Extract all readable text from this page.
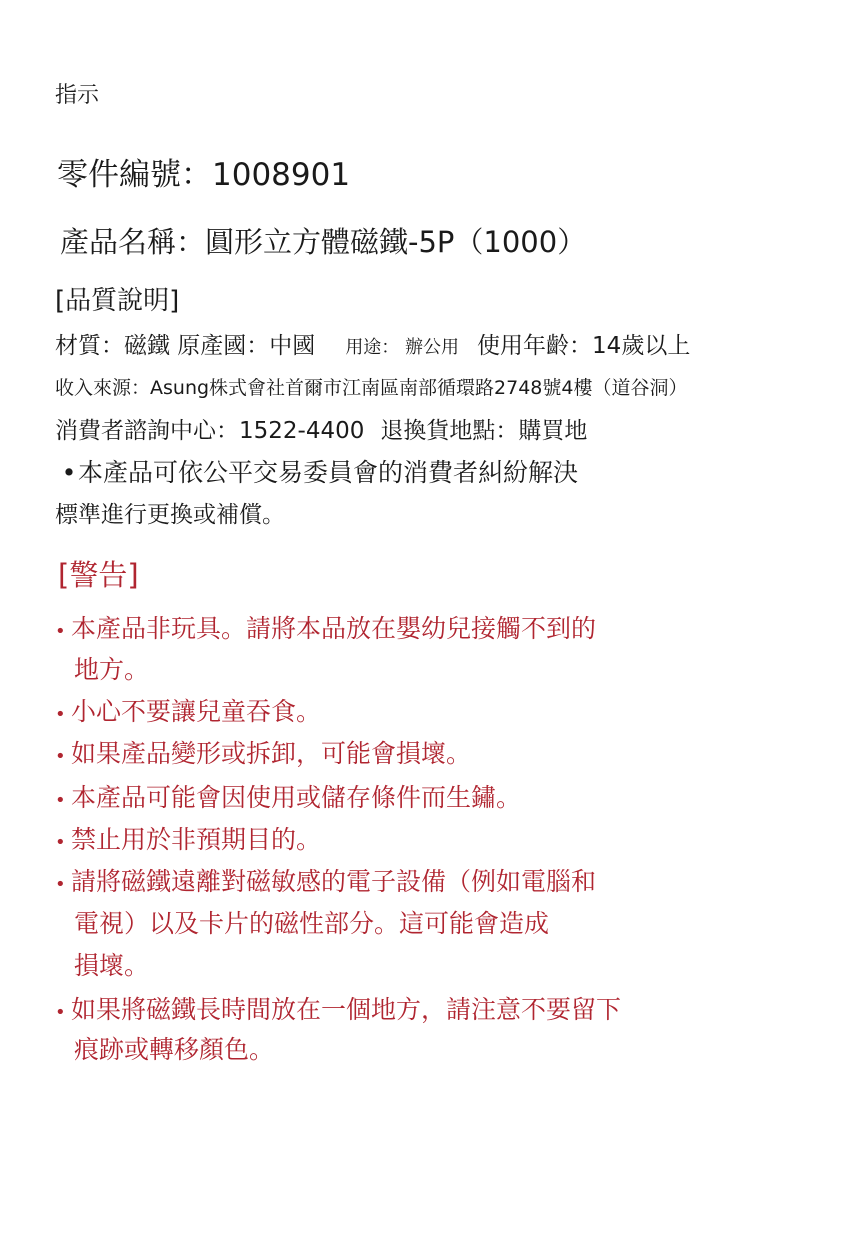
指示
零件編號：1008901
產品名稱：圓形立方體磁鐵-5P（1000）
[品質說明]
材質：磁鐵 原產國：中國 用途： 辦公用 使用年齡：14歲以上
收入來源：Asung株式會社首爾市江南區南部循環路2748號4樓（道谷洞）
消費者諮詢中心：1522-4400 退換貨地點：購買地
•本產品可依公平交易委員會的消費者糾紛解決
標準進行更換或補償。
[警告]
• 本產品非玩具。請將本品放在嬰幼兒接觸不到的
地方。
• 小心不要讓兒童吞食。
• 如果產品變形或拆卸，可能會損壞。
• 本產品可能會因使用或儲存條件而生鏽。
• 禁止用於非預期目的。
• 請將磁鐵遠離對磁敏感的電子設備（例如電腦和
電視）以及卡片的磁性部分。這可能會造成
損壞。
• 如果將磁鐵長時間放在一個地方，請注意不要留下
痕跡或轉移顏色。
